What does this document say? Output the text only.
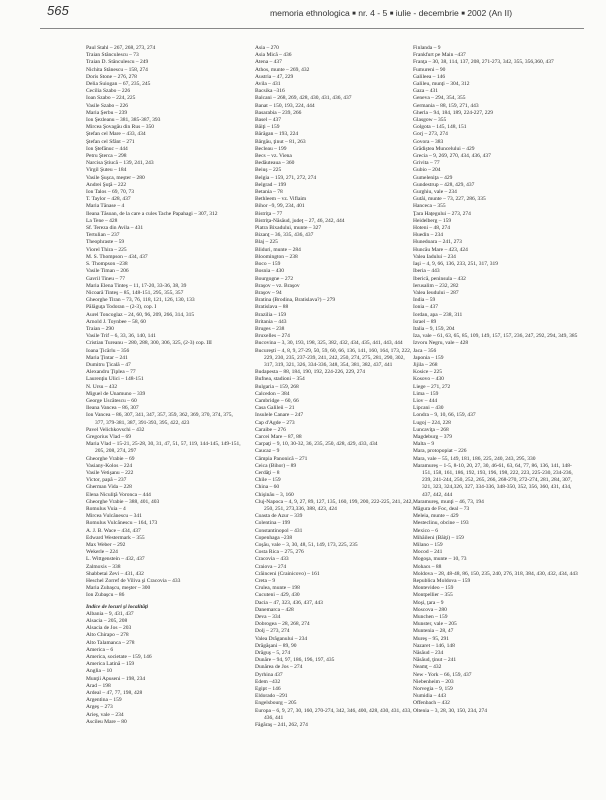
565	memoria ethnologica ■ nr. 4 - 5 ■ iulie - decembrie ■ 2002 (An II)
Paul Stahl – 267, 268, 273, 274
Traian Stănculescu – 73
Traian D. Stănculescu – 249
Nichita Stănescu – 158, 274
Doris Stone – 276, 278
Delia Suiogan – 67, 235, 245
Cecilia Szabo – 226
Ioan Szabo – 224, 225
Vasile Szabo – 226
Maria Şerbu – 239
Ion Şezleanu – 381, 385-387, 393
Mircea Şovagău din Rus – 350
Ştefan cel Mare – 433, 434
Ştefan cel Sfânt – 271
Ion Ştefănuc – 444
Petru Şterca – 298
Narcisa Ştiucă – 139, 241, 243
Virgil Şuteu – 184
Vasile Şuşca, meşter – 280
Andrei Şuţă – 222
Ion Talos – 69, 70, 73
T. Taylor – 428, 437
Maria Tănase – 4
Ileana Tăsoan, de la care a cules Tache Papahagi – 307, 312
La Tene – 428
Sf. Tereza din Avila – 431
Tertulian – 237
Theophraste – 59
Viorel Thira – 225
M. S. Thompson – 434, 437
S. Thompson –238
Vasile Timan – 206
Gavril Tineu – 77
Maria Elena Tinteş – 11, 17-20, 33-36, 38, 39
Nicoară Tinteş – 85, 148-151, 295, 355, 357
Gheorghe Tiran – 73, 76, 118, 121, 126, 130, 133
Pălăguţa Todoran – (2-3), cop. I
Aurel Toncoglaz – 24, 60, 96, 209, 266, 314, 315
Arnold J. Toynbee – 58, 60
Traian – 290
Vasile Trif – 6, 33, 36, 140, 141
Cristian Tureanu – 280, 288, 300, 306, 325, (2-3) cop. III
Ioana Ţicărlu – 356
Maria Ţintar – 241
Dumitru Ţicală – 47
Alexandru Ţiplea – 77
Laurenţiu Ulici – 148-151
N. Ursu – 432
Miguel de Unamuno – 339
George Uscătescu – 60
Ileana Vancea – 86, 307
Ion Vancea – 86, 307, 341, 347, 357, 359, 362, 369, 370, 374, 375, 377, 379-381, 387, 391-393, 395, 422, 423
Pavel Velichkovschi – 432
Gregorius Vlad – 69
Maria Vlad – 15-21, 25-28, 30, 31, 47, 51, 57, 119, 144-145, 149-151, 205, 208, 274, 297
Gheorghe Vrabie – 69
Vasiany-Kolos – 224
Vasile Vetişanu – 222
Victor, papă – 237
Gherman Vida – 228
Elena Niculiţă Voronca – 444
Gheorghe Vrabie – 388, 401, 403
Romulus Vuia – 4
Mircea Vulcănescu – 341
Romulus Vulcănescu – 164, 173
A. J. B. Wace – 434, 437
Edward Westermark – 355
Max Weber – 292
Wekerle – 224
L. Wittgenstein – 432, 437
Zalmoxis – 338
Shabbetai Zevi – 431, 432
Heschel Zorref de Viliva şi Cracovia – 433
Maria Zubaşcu, meşter – 300
Ion Zubaşcu – 86
Indice de locuri şi localităţi
Albania – 9, 431, 437
Alsacia – 205, 208
Alsacia de Jos – 203
Alto Chirapo – 278
Alto Talamanca – 278
America – 6
America, societate – 159, 146
America Latină – 159
Anglia – 10
Munţii Apuseni – 198, 234
Arad – 198
Ardeal – 47, 77, 198, 428
Argentina – 159
Argeş – 273
Arieş, vale – 234
Ascileu Mare – 80
Asia – 270
Asia Mică – 436
Atena – 437
Athos, munte – 269, 432
Austria – 47, 229
Avila – 431
Bacsika –316
Balcani – 268, 269, 428, 430, 431, 436, 437
Banat – 150, 193, 224, 444
Basarabia – 239, 266
Basel – 437
Băiţi – 159
Bărăgan – 193, 224
Bârgău, ţinut – 81, 263
Becleau – 199
Becs – vz. Viena
Bedăuteaua – 360
Beiuş – 225
Belgia – 159, 271, 272, 274
Belgrad – 199
Betania – 78
Bethleem – vz. Viflaim
Bihor –9, 99, 234, 401
Bistriţa – 77
Bistriţa-Năsăud, judeţ – 27, 46, 242, 444
Piatra Bixadului, munte – 327
Bizanţ – 36, 335, 436, 437
Blaj – 225
Bliduri, munte – 284
Bloomington – 238
Boco – 159
Bosnia – 430
Bourgogne – 272
Braşov – vz. Braşov
Braşov – 94
Bratina (Brodina, Bratislava?) – 279
Bratislava – 88
Brazilia – 159
Britania – 443
Bruges – 238
Bruxelles – 274
Bucovina – 3, 30, 193, 198, 325, 382, 432, 434, 435, 441, 443, 444
Bucureşti – 4, 8, 9, 27-29, 50, 59, 60, 66, 136, 141, 160, 164, 173, 222, 229, 230, 235, 237-239, 241, 242, 250, 274, 275, 281, 290, 302, 317, 319, 321, 326, 334-336, 348, 354, 381, 382, 437, 441
Budapesta – 88, 184, 190, 192, 224-226, 229, 274
Bufnea, stadioni – 354
Bulgaria – 159, 268
Calcedon – 384
Cambridge – 60, 66
Casa Galileii – 21
Insulele Canare – 247
Cap d'Agde – 273
Caraibe – 276
Carcei Mare – 87, 88
Carpaţi – 9, 10, 30-32, 36, 235, 250, 428, 429, 433, 434
Caucaz – 9
Câmpia Panonică – 271
Ceica (Bihor) – 89
Cerdăţi – 8
Chile – 159
China – 60
Chişinău – 3, 160
Cluj-Napoca – 4, 9, 27, 89, 127, 135, 160, 199, 200, 222-225, 241, 242, 250, 251, 273,336, 388, 423, 424
Coasta de Azur – 339
Colentina – 199
Constantinopol – 431
Copenhaga –238
Coşău, vale – 3, 30, 48, 51, 149, 173, 225, 235
Costa Rica – 275, 276
Cracovia – 433
Craiova – 274
Crăinceni (Crainicovo) – 161
Creta – 9
Crulea, munte – 198
Cucuteni – 429, 430
Dacia – 47, 323, 436, 437, 443
Danemarca – 428
Deva – 334
Dobrogea – 28, 268, 274
Dolj – 273, 274
Valea Drăganului – 234
Drăgăşani – 89, 90
Drăguş – 5, 274
Dunăre – 94, 97, 186, 196, 197, 435
Dunărea de Jos – 274
Dyrhina 437
Edem –432
Egipt – 146
Eldorado –291
Engelsbourg – 205
Europa – 6, 9, 27, 30, 160, 270-274, 342, 346, 400, 428, 430, 431, 433, 436, 441
Făgăraş – 241, 262, 274
Finlanda – 9
Frankfurt pe Main –437
Franţa – 30, 38, 114, 137, 208, 271-273, 342, 355, 356,360, 437
Fumureni – 90
Galileea – 146
Galileu, munţi – 304, 312
Gaza – 431
Geneva – 294, 354, 355
Germania – 88, 159, 271, 443
Gherla – 94, 184, 189, 224-227, 229
Glasgow – 355
Golgota – 145, 148, 151
Gorj – 273, 274
Govora – 383
Grădiştea Muncelului – 429
Grecia – 9, 269, 270, 434, 436, 437
Grivita – 77
Gubio – 204
Gumeleniţa – 429
Gundestrup – 428, 429, 437
Gurghiu, vale – 234
Gutâi, munte – 73, 227, 286, 335
Hanceca – 355
Ţara Haţegului – 273, 274
Heidelberg – 159
Hoteni – 48, 274
Huedin – 234
Hunedoara – 241, 273
Huncău Mare – 423, 424
Valea Iadului – 234
Iaşi – 4, 9, 66, 136, 233, 251, 317, 319
Iberia – 443
Iberică, peninsula – 432
Ierusalim – 232, 282
Valea Ieudului – 287
India – 59
Ionia – 437
Iordan, apa – 238, 311
Israel – 89
Italia – 9, 159, 204
Iza, vale – 61, 63, 65, 85, 109, 149, 157, 157, 236, 247, 292, 294, 349, 385
Izvoru Negru, vale – 428
Jaca – 356
Japonia – 159
Jijila – 268
Kosice – 225
Kosovo – 430
Liege – 271, 272
Lima – 159
Liov – 444
Lipcani – 430
Londra – 9, 10, 66, 159, 437
Lugoj – 224, 228
Luncaviţa – 268
Magdeburg – 379
Malta – 9
Mara, protopopiat – 226
Mara, vale – 55, 149, 181, 186, 225, 240, 243, 295, 330
Maramureş – 1-5, 8-10, 20, 27, 30, 46-61, 63, 64, 77, 86, 136, 141, 148-151, 158, 161, 186, 192, 193, 196, 198, 222, 223, 225-230, 234-236, 239, 241-244, 250, 252, 265, 266, 268-270, 272-274, 281, 284, 307, 321, 323, 324,326, 327, 334-336, 348-350, 352, 356, 360, 431, 434, 437, 442, 444
Maramureş, munţi – 46, 73, 194
Măgura de Foc, deal – 73
Meleia, munte – 429
Mesteclinu, obcine – 193
Mexico – 6
Mihăileni (Băiţi) – 159
Milano – 159
Mocod – 241
Mogoşa, munte – 10, 73
Mohacs – 88
Moldova – 28, 48-48, 86, 150, 235, 240, 276, 318, 384, 430, 432, 434, 443
Republica Moldova – 159
Montevideo – 159
Montpellier – 355
Moşi, ţara – 9
Moscova – 280
Munchen – 159
Munster, vale – 205
Muntenia – 28, 47
Mureş – 95, 291
Nazaret – 146, 148
Năsăud – 234
Năsăud, ţinut – 241
Neamţ – 432
New - York – 66, 159, 437
Niebenheim – 203
Norvegia – 9, 159
Numidia – 443
Offenbach – 432
Oltenia – 3, 28, 30, 150, 234, 274
